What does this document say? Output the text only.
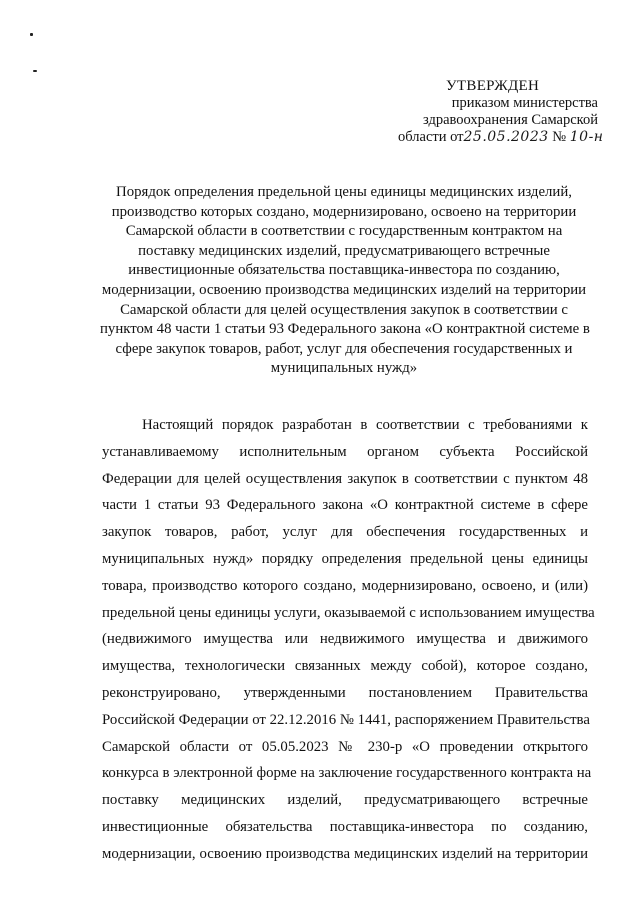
УТВЕРЖДЕН
приказом министерства
здравоохранения Самарской
области от25.05.2023 № 10-н
Порядок определения предельной цены единицы медицинских изделий,
производство которых создано, модернизировано, освоено на территории
Самарской области в соответствии с государственным контрактом на
поставку медицинских изделий, предусматривающего встречные
инвестиционные обязательства поставщика-инвестора по созданию,
модернизации, освоению производства медицинских изделий на территории
Самарской области для целей осуществления закупок в соответствии с
пунктом 48 части 1 статьи 93 Федерального закона «О контрактной системе в
сфере закупок товаров, работ, услуг для обеспечения государственных и
муниципальных нужд»
Настоящий порядок разработан в соответствии с требованиями к
устанавливаемому исполнительным органом субъекта Российской
Федерации для целей осуществления закупок в соответствии с пунктом 48
части 1 статьи 93 Федерального закона «О контрактной системе в сфере
закупок товаров, работ, услуг для обеспечения государственных и
муниципальных нужд» порядку определения предельной цены единицы
товара, производство которого создано, модернизировано, освоено, и (или)
предельной цены единицы услуги, оказываемой с использованием имущества
(недвижимого имущества или недвижимого имущества и движимого
имущества, технологически связанных между собой), которое создано,
реконструировано, утвержденными постановлением Правительства
Российской Федерации от 22.12.2016 № 1441, распоряжением Правительства
Самарской области от 05.05.2023 № 230-р «О проведении открытого
конкурса в электронной форме на заключение государственного контракта на
поставку медицинских изделий, предусматривающего встречные
инвестиционные обязательства поставщика-инвестора по созданию,
модернизации, освоению производства медицинских изделий на территории
